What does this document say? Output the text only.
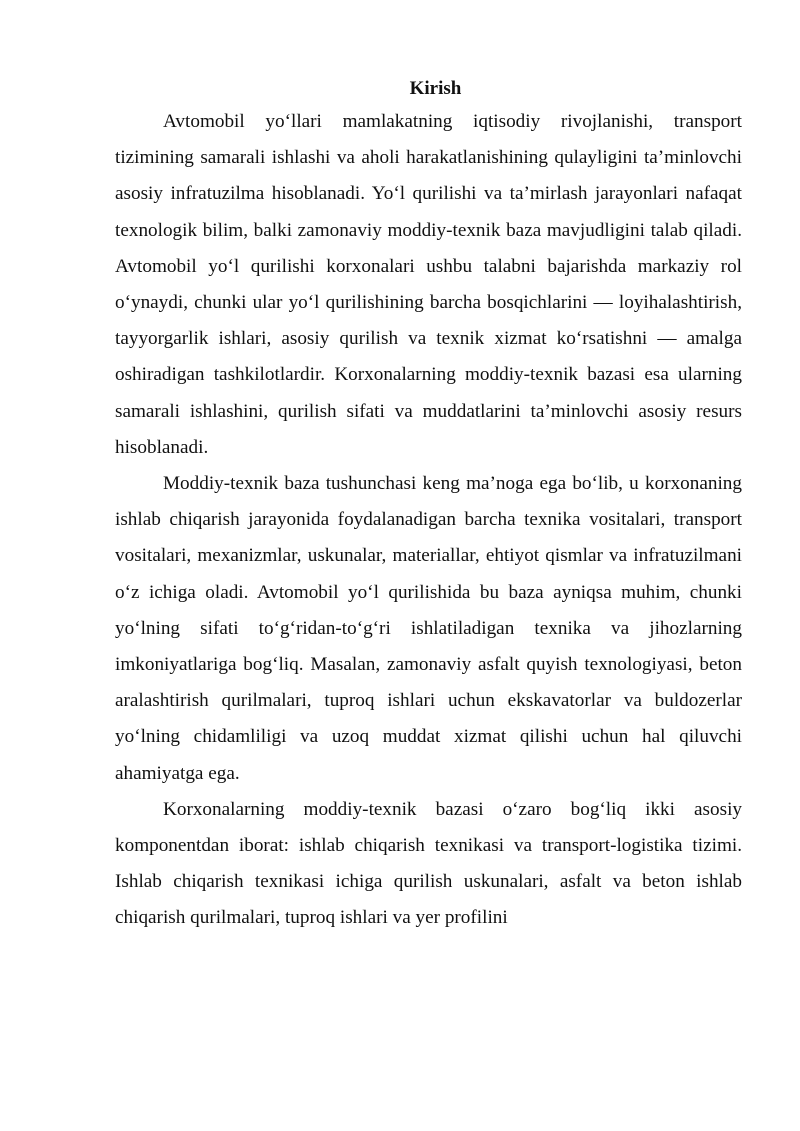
Kirish

Avtomobil yo‘llari mamlakatning iqtisodiy rivojlanishi, transport tizimining samarali ishlashi va aholi harakatlanishining qulayligini ta’minlovchi asosiy infratuzilma hisoblanadi. Yo‘l qurilishi va ta’mirlash jarayonlari nafaqat texnologik bilim, balki zamonaviy moddiy-texnik baza mavjudligini talab qiladi. Avtomobil yo‘l qurilishi korxonalari ushbu talabni bajarishda markaziy rol o‘ynaydi, chunki ular yo‘l qurilishining barcha bosqichlarini — loyihalashtirish, tayyorgarlik ishlari, asosiy qurilish va texnik xizmat ko‘rsatishni — amalga oshiradigan tashkilotlardir. Korxonalarning moddiy-texnik bazasi esa ularning samarali ishlashini, qurilish sifati va muddatlarini ta’minlovchi asosiy resurs hisoblanadi.

Moddiy-texnik baza tushunchasi keng ma’noga ega bo‘lib, u korxonaning ishlab chiqarish jarayonida foydalanadigan barcha texnika vositalari, transport vositalari, mexanizmlar, uskunalar, materiallar, ehtiyot qismlar va infratuzilmani o‘z ichiga oladi. Avtomobil yo‘l qurilishida bu baza ayniqsa muhim, chunki yo‘lning sifati to‘g‘ridan-to‘g‘ri ishlatiladigan texnika va jihozlarning imkoniyatlariga bog‘liq. Masalan, zamonaviy asfalt quyish texnologiyasi, beton aralashtirish qurilmalari, tuproq ishlari uchun ekskavatorlar va buldozerlar yo‘lning chidamliligi va uzoq muddat xizmat qilishi uchun hal qiluvchi ahamiyatga ega.

Korxonalarning moddiy-texnik bazasi o‘zaro bog‘liq ikki asosiy komponentdan iborat: ishlab chiqarish texnikasi va transport-logistika tizimi. Ishlab chiqarish texnikasi ichiga qurilish uskunalari, asfalt va beton ishlab chiqarish qurilmalari, tuproq ishlari va yer profilini
